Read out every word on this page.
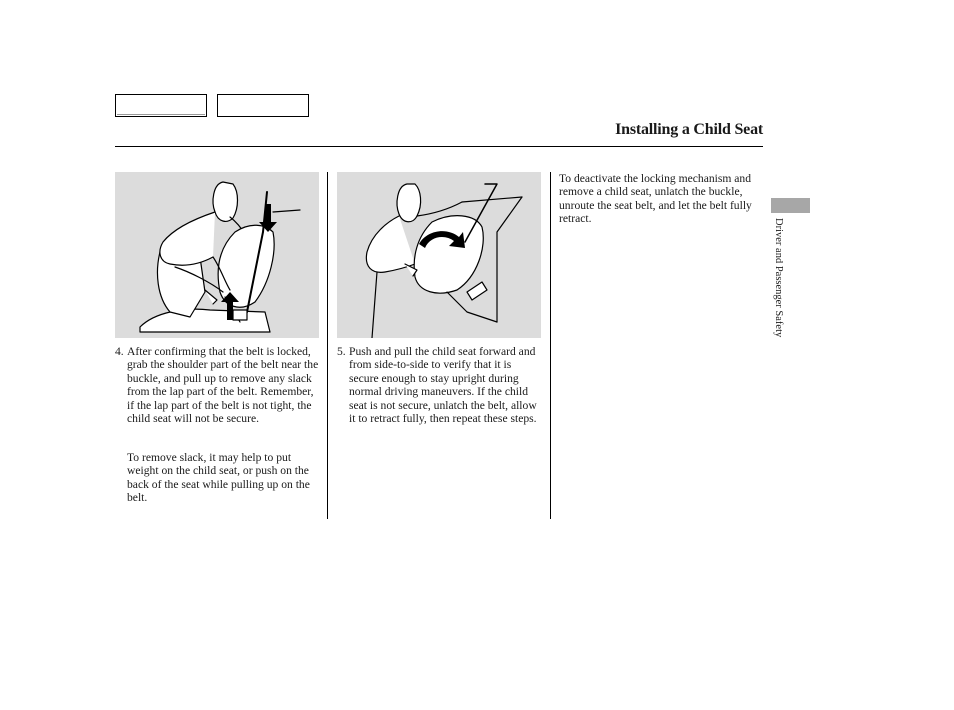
Installing a Child Seat
4. After confirming that the belt is locked, grab the shoulder part of the belt near the buckle, and pull up to remove any slack from the lap part of the belt. Remember, if the lap part of the belt is not tight, the child seat will not be secure.
To remove slack, it may help to put weight on the child seat, or push on the back of the seat while pulling up on the belt.
5. Push and pull the child seat forward and from side-to-side to verify that it is secure enough to stay upright during normal driving maneuvers. If the child seat is not secure, unlatch the belt, allow it to retract fully, then repeat these steps.
To deactivate the locking mechanism and remove a child seat, unlatch the buckle, unroute the seat belt, and let the belt fully retract.	Driver and Passenger Safety
